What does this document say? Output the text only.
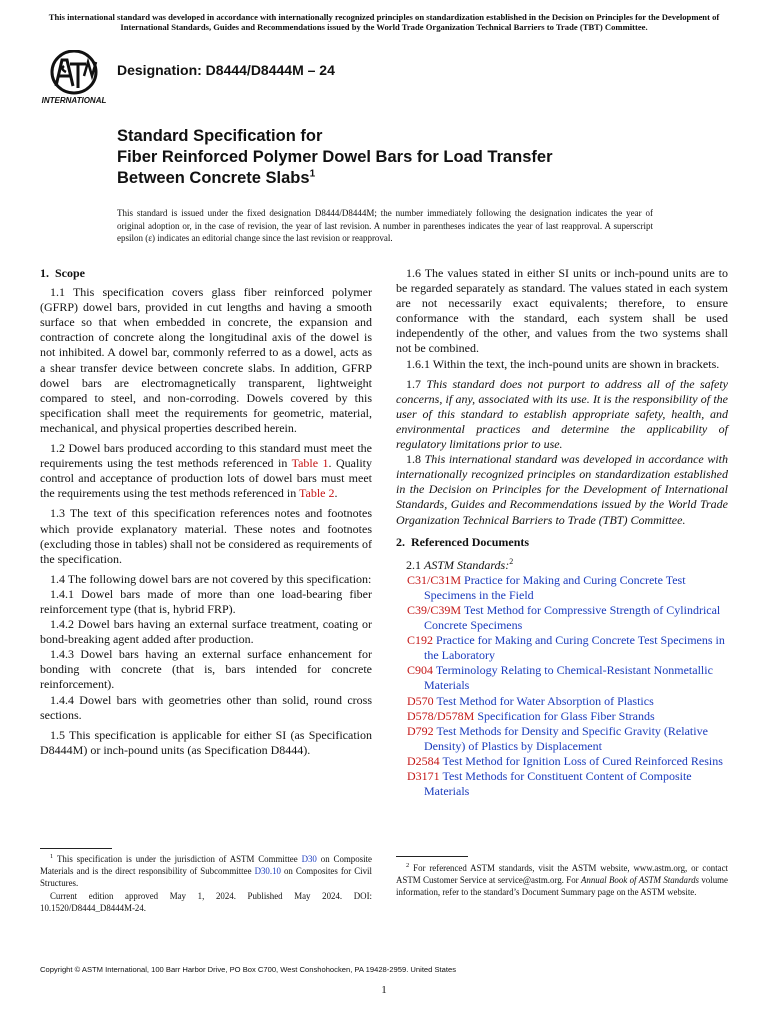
This international standard was developed in accordance with internationally recognized principles on standardization established in the Decision on Principles for the Development of International Standards, Guides and Recommendations issued by the World Trade Organization Technical Barriers to Trade (TBT) Committee.
INTERNATIONAL
Designation: D8444/D8444M – 24
Standard Specification for
Fiber Reinforced Polymer Dowel Bars for Load Transfer
Between Concrete Slabs$^1$
This standard is issued under the fixed designation D8444/D8444M; the number immediately following the designation indicates the year of original adoption or, in the case of revision, the year of last revision. A number in parentheses indicates the year of last reapproval. A superscript epsilon (ε) indicates an editorial change since the last revision or reapproval.
1. Scope

1.1 This specification covers glass fiber reinforced polymer (GFRP) dowel bars, provided in cut lengths and having a smooth surface so that when embedded in concrete, the expansion and contraction of concrete along the longitudinal axis of the dowel is not inhibited. A dowel bar, commonly referred to as a dowel, acts as a shear transfer device between concrete slabs. In addition, GFRP dowel bars are electromagnetically transparent, lightweight compared to steel, and non-corroding. Dowels covered by this specification shall meet the requirements for geometric, material, mechanical, and physical properties described herein.

1.2 Dowel bars produced according to this standard must meet the requirements using the test methods referenced in Table 1. Quality control and acceptance of production lots of dowel bars must meet the requirements using the test methods referenced in Table 2.

1.3 The text of this specification references notes and footnotes which provide explanatory material. These notes and footnotes (excluding those in tables) shall not be considered as requirements of the specification.

1.4 The following dowel bars are not covered by this specification:

1.4.1 Dowel bars made of more than one load-bearing fiber reinforcement type (that is, hybrid FRP).

1.4.2 Dowel bars having an external surface treatment, coating or bond-breaking agent added after production.

1.4.3 Dowel bars having an external surface enhancement for bonding with concrete (that is, bars intended for concrete reinforcement).

1.4.4 Dowel bars with geometries other than solid, round cross sections.

1.5 This specification is applicable for either SI (as Specification D8444M) or inch-pound units (as Specification D8444).

1.6 The values stated in either SI units or inch-pound units are to be regarded separately as standard. The values stated in each system are not necessarily exact equivalents; therefore, to ensure conformance with the standard, each system shall be used independently of the other, and values from the two systems shall not be combined.

1.6.1 Within the text, the inch-pound units are shown in brackets.

1.7 This standard does not purport to address all of the safety concerns, if any, associated with its use. It is the responsibility of the user of this standard to establish appropriate safety, health, and environmental practices and determine the applicability of regulatory limitations prior to use.

1.8 This international standard was developed in accordance with internationally recognized principles on standardization established in the Decision on Principles for the Development of International Standards, Guides and Recommendations issued by the World Trade Organization Technical Barriers to Trade (TBT) Committee.

2. Referenced Documents

2.1 ASTM Standards:$^2$

C31/C31M Practice for Making and Curing Concrete Test Specimens in the Field

C39/C39M Test Method for Compressive Strength of Cylindrical Concrete Specimens

C192 Practice for Making and Curing Concrete Test Specimens in the Laboratory

C904 Terminology Relating to Chemical-Resistant Nonmetallic Materials

D570 Test Method for Water Absorption of Plastics

D578/D578M Specification for Glass Fiber Strands

D792 Test Methods for Density and Specific Gravity (Relative Density) of Plastics by Displacement

D2584 Test Method for Ignition Loss of Cured Reinforced Resins

D3171 Test Methods for Constituent Content of Composite Materials

$^1$ This specification is under the jurisdiction of ASTM Committee D30 on Composite Materials and is the direct responsibility of Subcommittee D30.10 on Composites for Civil Structures.

Current edition approved May 1, 2024. Published May 2024. DOI: 10.1520/D8444_D8444M-24.

$^2$ For referenced ASTM standards, visit the ASTM website, www.astm.org, or contact ASTM Customer Service at service@astm.org. For Annual Book of ASTM Standards volume information, refer to the standard’s Document Summary page on the ASTM website.

Copyright © ASTM International, 100 Barr Harbor Drive, PO Box C700, West Conshohocken, PA 19428-2959. United States
1
